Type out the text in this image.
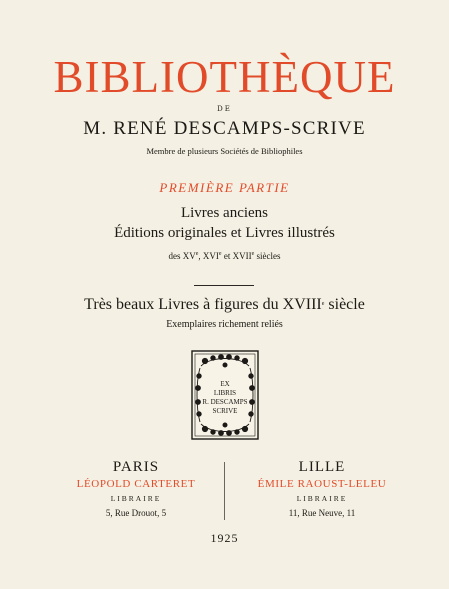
BIBLIOTHÈQUE
DE
M. RENÉ DESCAMPS-SCRIVE
Membre de plusieurs Sociétés de Bibliophiles
PREMIÈRE PARTIE
Livres anciens
Éditions originales et Livres illustrés
des XVe, XVIe et XVIIe siècles
Très beaux Livres à figures du XVIIIe siècle
Exemplaires richement reliés
EX
LIBRIS
R. DESCAMPS
SCRIVE
PARIS
LÉOPOLD CARTERET
LIBRAIRE
5, Rue Drouot, 5
LILLE
ÉMILE RAOUST-LELEU
LIBRAIRE
11, Rue Neuve, 11
1925
